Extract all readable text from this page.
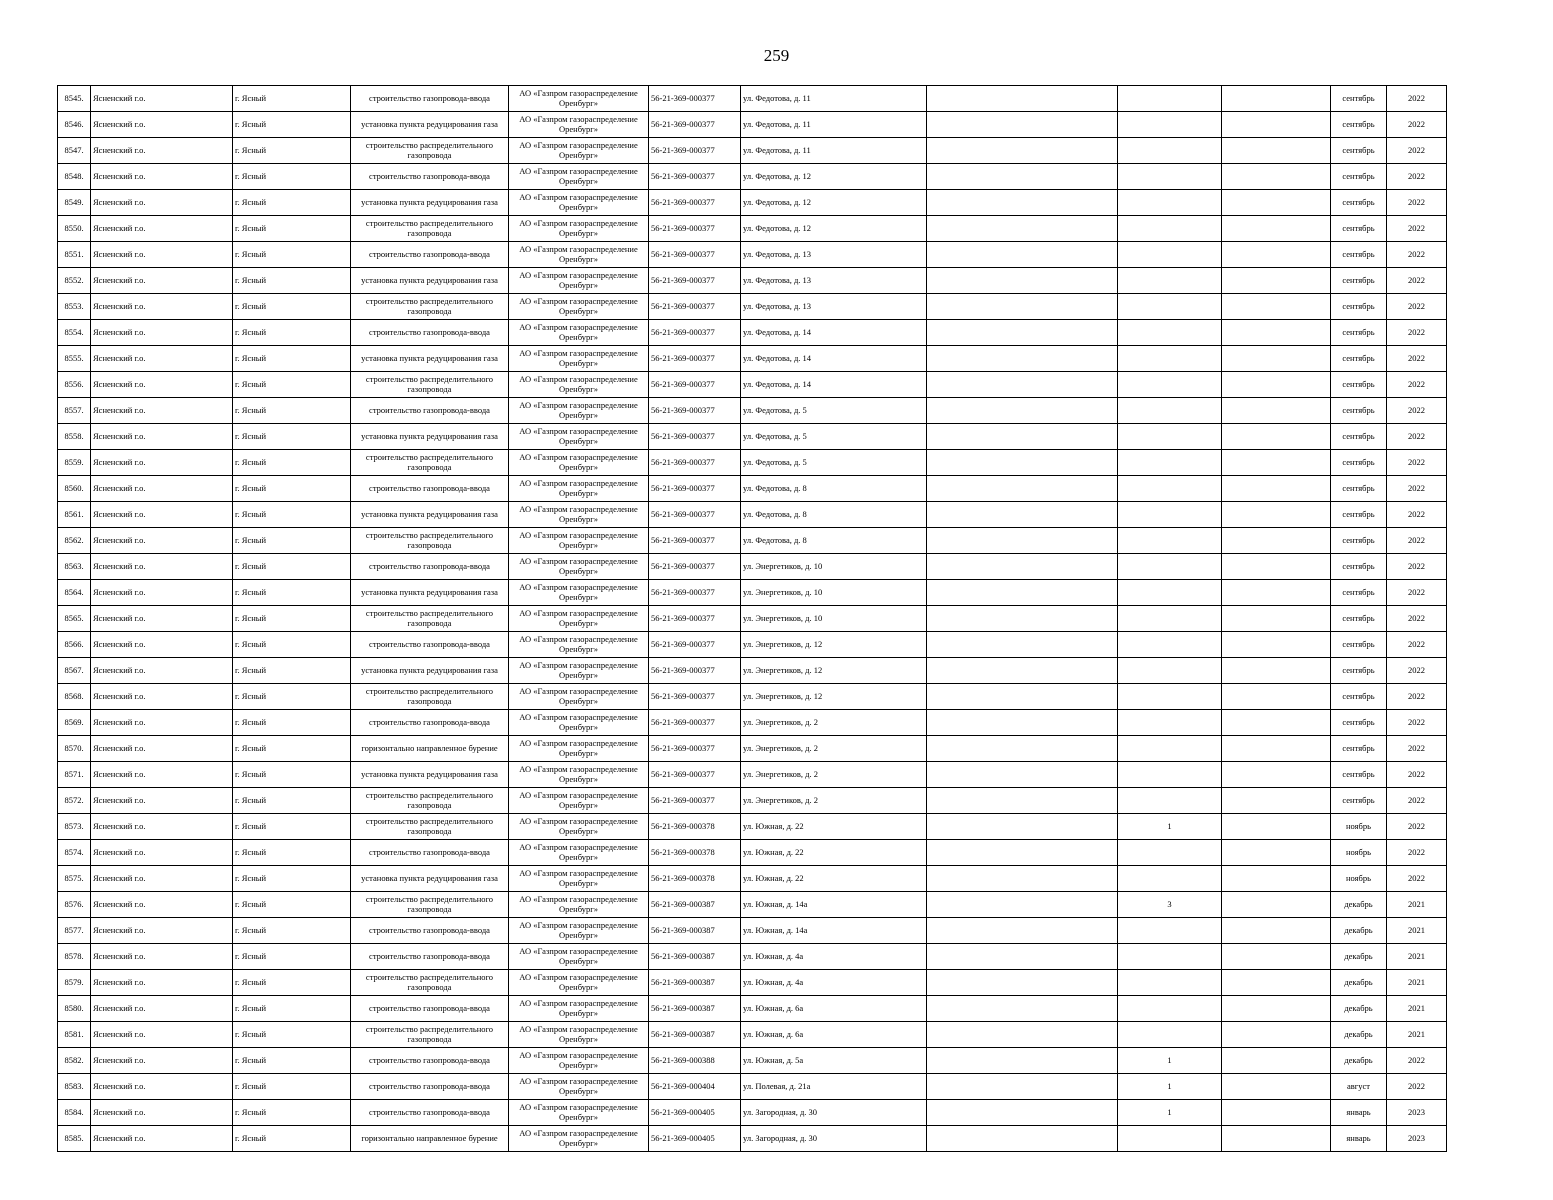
259
8545.	Ясненский г.о.	г. Ясный	строительство газопровода-ввода	АО «Газпром газораспределение Оренбург»	56-21-369-000377	ул. Федотова, д. 11				сентябрь	2022
8546.	Ясненский г.о.	г. Ясный	установка пункта редуцирования газа	АО «Газпром газораспределение Оренбург»	56-21-369-000377	ул. Федотова, д. 11				сентябрь	2022
8547.	Ясненский г.о.	г. Ясный	строительство распределительного газопровода	АО «Газпром газораспределение Оренбург»	56-21-369-000377	ул. Федотова, д. 11				сентябрь	2022
8548.	Ясненский г.о.	г. Ясный	строительство газопровода-ввода	АО «Газпром газораспределение Оренбург»	56-21-369-000377	ул. Федотова, д. 12				сентябрь	2022
8549.	Ясненский г.о.	г. Ясный	установка пункта редуцирования газа	АО «Газпром газораспределение Оренбург»	56-21-369-000377	ул. Федотова, д. 12				сентябрь	2022
8550.	Ясненский г.о.	г. Ясный	строительство распределительного газопровода	АО «Газпром газораспределение Оренбург»	56-21-369-000377	ул. Федотова, д. 12				сентябрь	2022
8551.	Ясненский г.о.	г. Ясный	строительство газопровода-ввода	АО «Газпром газораспределение Оренбург»	56-21-369-000377	ул. Федотова, д. 13				сентябрь	2022
8552.	Ясненский г.о.	г. Ясный	установка пункта редуцирования газа	АО «Газпром газораспределение Оренбург»	56-21-369-000377	ул. Федотова, д. 13				сентябрь	2022
8553.	Ясненский г.о.	г. Ясный	строительство распределительного газопровода	АО «Газпром газораспределение Оренбург»	56-21-369-000377	ул. Федотова, д. 13				сентябрь	2022
8554.	Ясненский г.о.	г. Ясный	строительство газопровода-ввода	АО «Газпром газораспределение Оренбург»	56-21-369-000377	ул. Федотова, д. 14				сентябрь	2022
8555.	Ясненский г.о.	г. Ясный	установка пункта редуцирования газа	АО «Газпром газораспределение Оренбург»	56-21-369-000377	ул. Федотова, д. 14				сентябрь	2022
8556.	Ясненский г.о.	г. Ясный	строительство распределительного газопровода	АО «Газпром газораспределение Оренбург»	56-21-369-000377	ул. Федотова, д. 14				сентябрь	2022
8557.	Ясненский г.о.	г. Ясный	строительство газопровода-ввода	АО «Газпром газораспределение Оренбург»	56-21-369-000377	ул. Федотова, д. 5				сентябрь	2022
8558.	Ясненский г.о.	г. Ясный	установка пункта редуцирования газа	АО «Газпром газораспределение Оренбург»	56-21-369-000377	ул. Федотова, д. 5				сентябрь	2022
8559.	Ясненский г.о.	г. Ясный	строительство распределительного газопровода	АО «Газпром газораспределение Оренбург»	56-21-369-000377	ул. Федотова, д. 5				сентябрь	2022
8560.	Ясненский г.о.	г. Ясный	строительство газопровода-ввода	АО «Газпром газораспределение Оренбург»	56-21-369-000377	ул. Федотова, д. 8				сентябрь	2022
8561.	Ясненский г.о.	г. Ясный	установка пункта редуцирования газа	АО «Газпром газораспределение Оренбург»	56-21-369-000377	ул. Федотова, д. 8				сентябрь	2022
8562.	Ясненский г.о.	г. Ясный	строительство распределительного газопровода	АО «Газпром газораспределение Оренбург»	56-21-369-000377	ул. Федотова, д. 8				сентябрь	2022
8563.	Ясненский г.о.	г. Ясный	строительство газопровода-ввода	АО «Газпром газораспределение Оренбург»	56-21-369-000377	ул. Энергетиков, д. 10				сентябрь	2022
8564.	Ясненский г.о.	г. Ясный	установка пункта редуцирования газа	АО «Газпром газораспределение Оренбург»	56-21-369-000377	ул. Энергетиков, д. 10				сентябрь	2022
8565.	Ясненский г.о.	г. Ясный	строительство распределительного газопровода	АО «Газпром газораспределение Оренбург»	56-21-369-000377	ул. Энергетиков, д. 10				сентябрь	2022
8566.	Ясненский г.о.	г. Ясный	строительство газопровода-ввода	АО «Газпром газораспределение Оренбург»	56-21-369-000377	ул. Энергетиков, д. 12				сентябрь	2022
8567.	Ясненский г.о.	г. Ясный	установка пункта редуцирования газа	АО «Газпром газораспределение Оренбург»	56-21-369-000377	ул. Энергетиков, д. 12				сентябрь	2022
8568.	Ясненский г.о.	г. Ясный	строительство распределительного газопровода	АО «Газпром газораспределение Оренбург»	56-21-369-000377	ул. Энергетиков, д. 12				сентябрь	2022
8569.	Ясненский г.о.	г. Ясный	строительство газопровода-ввода	АО «Газпром газораспределение Оренбург»	56-21-369-000377	ул. Энергетиков, д. 2				сентябрь	2022
8570.	Ясненский г.о.	г. Ясный	горизонтально направленное бурение	АО «Газпром газораспределение Оренбург»	56-21-369-000377	ул. Энергетиков, д. 2				сентябрь	2022
8571.	Ясненский г.о.	г. Ясный	установка пункта редуцирования газа	АО «Газпром газораспределение Оренбург»	56-21-369-000377	ул. Энергетиков, д. 2				сентябрь	2022
8572.	Ясненский г.о.	г. Ясный	строительство распределительного газопровода	АО «Газпром газораспределение Оренбург»	56-21-369-000377	ул. Энергетиков, д. 2				сентябрь	2022
8573.	Ясненский г.о.	г. Ясный	строительство распределительного газопровода	АО «Газпром газораспределение Оренбург»	56-21-369-000378	ул. Южная, д. 22		1		ноябрь	2022
8574.	Ясненский г.о.	г. Ясный	строительство газопровода-ввода	АО «Газпром газораспределение Оренбург»	56-21-369-000378	ул. Южная, д. 22				ноябрь	2022
8575.	Ясненский г.о.	г. Ясный	установка пункта редуцирования газа	АО «Газпром газораспределение Оренбург»	56-21-369-000378	ул. Южная, д. 22				ноябрь	2022
8576.	Ясненский г.о.	г. Ясный	строительство распределительного газопровода	АО «Газпром газораспределение Оренбург»	56-21-369-000387	ул. Южная, д. 14а		3		декабрь	2021
8577.	Ясненский г.о.	г. Ясный	строительство газопровода-ввода	АО «Газпром газораспределение Оренбург»	56-21-369-000387	ул. Южная, д. 14а				декабрь	2021
8578.	Ясненский г.о.	г. Ясный	строительство газопровода-ввода	АО «Газпром газораспределение Оренбург»	56-21-369-000387	ул. Южная, д. 4а				декабрь	2021
8579.	Ясненский г.о.	г. Ясный	строительство распределительного газопровода	АО «Газпром газораспределение Оренбург»	56-21-369-000387	ул. Южная, д. 4а				декабрь	2021
8580.	Ясненский г.о.	г. Ясный	строительство газопровода-ввода	АО «Газпром газораспределение Оренбург»	56-21-369-000387	ул. Южная, д. 6а				декабрь	2021
8581.	Ясненский г.о.	г. Ясный	строительство распределительного газопровода	АО «Газпром газораспределение Оренбург»	56-21-369-000387	ул. Южная, д. 6а				декабрь	2021
8582.	Ясненский г.о.	г. Ясный	строительство газопровода-ввода	АО «Газпром газораспределение Оренбург»	56-21-369-000388	ул. Южная, д. 5а		1		декабрь	2022
8583.	Ясненский г.о.	г. Ясный	строительство газопровода-ввода	АО «Газпром газораспределение Оренбург»	56-21-369-000404	ул. Полевая, д. 21а		1		август	2022
8584.	Ясненский г.о.	г. Ясный	строительство газопровода-ввода	АО «Газпром газораспределение Оренбург»	56-21-369-000405	ул. Загородная, д. 30		1		январь	2023
8585.	Ясненский г.о.	г. Ясный	горизонтально направленное бурение	АО «Газпром газораспределение Оренбург»	56-21-369-000405	ул. Загородная, д. 30				январь	2023
